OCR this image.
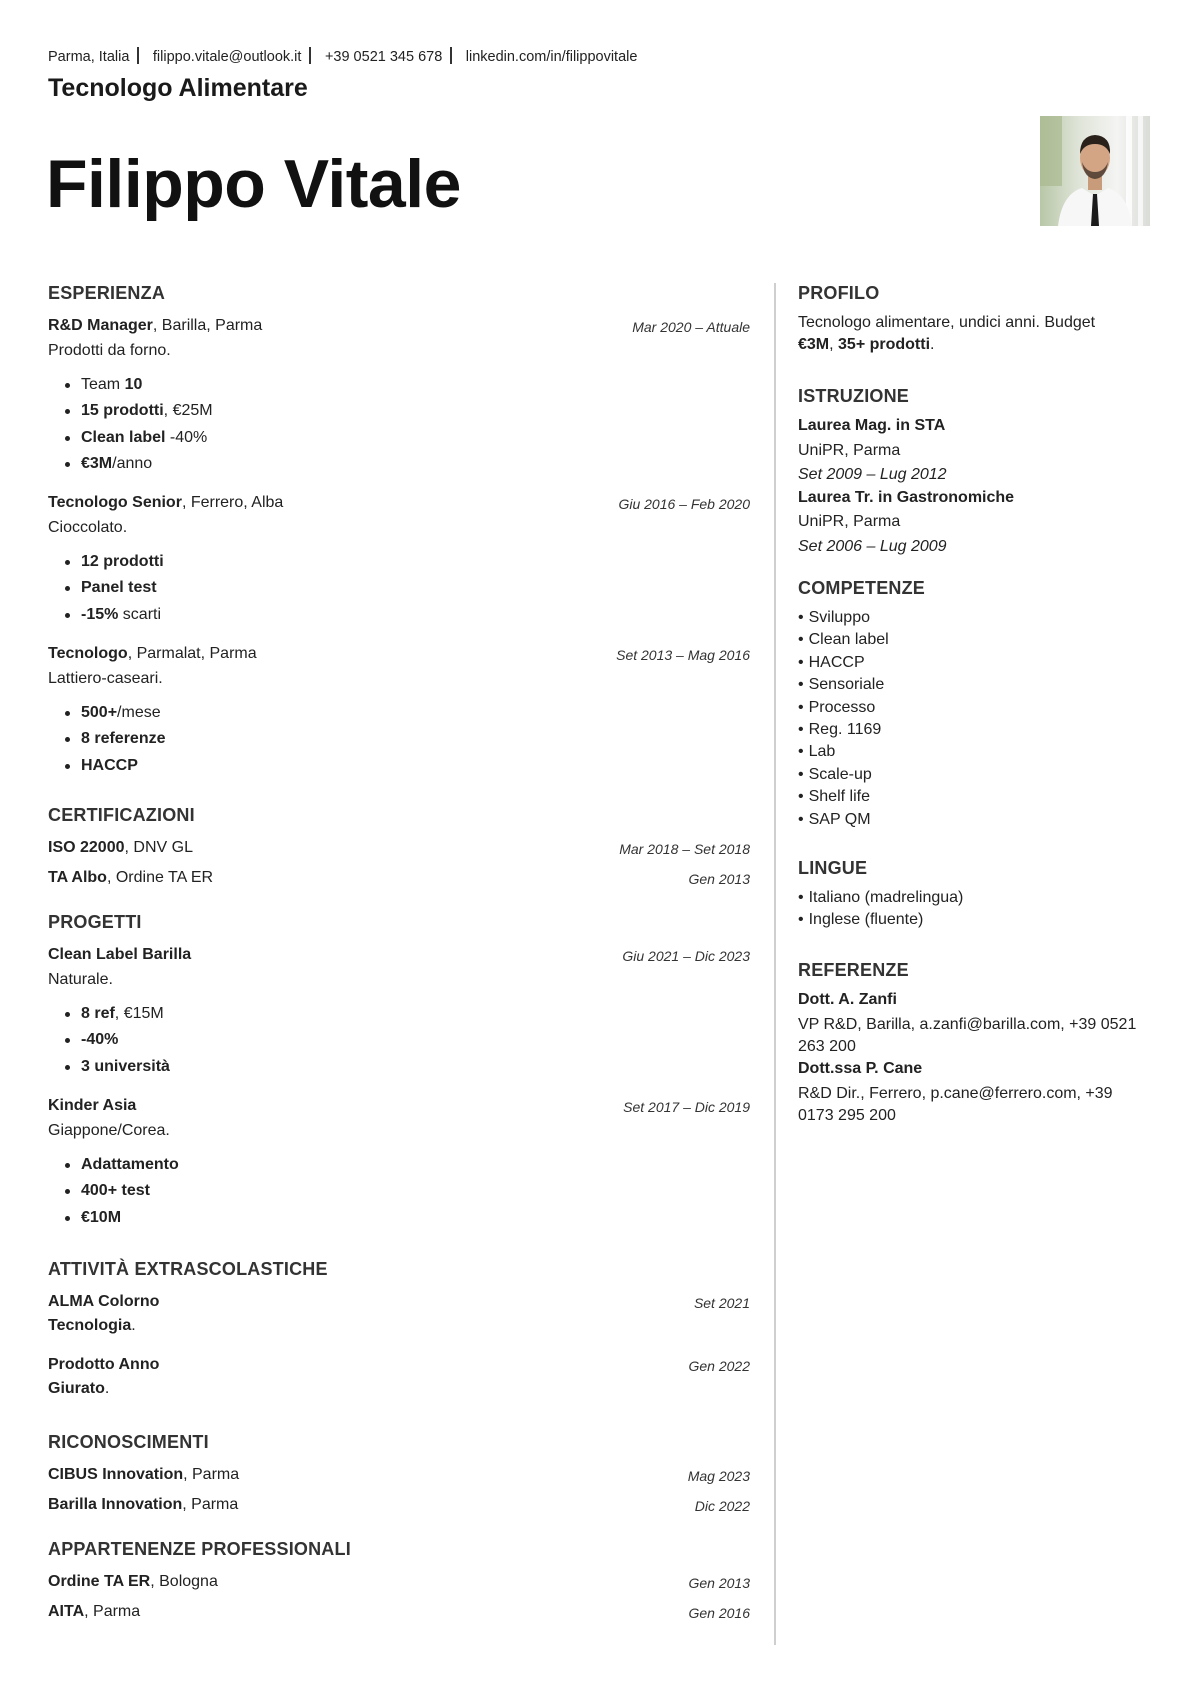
Parma, Italia filippo.vitale@outlook.it +39 0521 345 678 linkedin.com/in/filippovitale
Tecnologo Alimentare
Filippo Vitale
ESPERIENZA
R&D Manager, Barilla, Parma	Mar 2020 – Attuale
Prodotti da forno.
Team 10
15 prodotti, €25M
Clean label -40%
€3M/anno
Tecnologo Senior, Ferrero, Alba	Giu 2016 – Feb 2020
Cioccolato.
12 prodotti
Panel test
-15% scarti
Tecnologo, Parmalat, Parma	Set 2013 – Mag 2016
Lattiero-caseari.
500+/mese
8 referenze
HACCP
CERTIFICAZIONI
ISO 22000, DNV GL	Mar 2018 – Set 2018
TA Albo, Ordine TA ER	Gen 2013
PROGETTI
Clean Label Barilla	Giu 2021 – Dic 2023
Naturale.
8 ref, €15M
-40%
3 università
Kinder Asia	Set 2017 – Dic 2019
Giappone/Corea.
Adattamento
400+ test
€10M
ATTIVITÀ EXTRASCOLASTICHE
ALMA Colorno	Set 2021
Tecnologia.
Prodotto Anno	Gen 2022
Giurato.
RICONOSCIMENTI
CIBUS Innovation, Parma	Mag 2023
Barilla Innovation, Parma	Dic 2022
APPARTENENZE PROFESSIONALI
Ordine TA ER, Bologna	Gen 2013
AITA, Parma	Gen 2016
PROFILO
Tecnologo alimentare, undici anni. Budget
€3M, 35+ prodotti.
ISTRUZIONE
Laurea Mag. in STA
UniPR, Parma
Set 2009 – Lug 2012
Laurea Tr. in Gastronomiche
UniPR, Parma
Set 2006 – Lug 2009
COMPETENZE
• Sviluppo
• Clean label
• HACCP
• Sensoriale
• Processo
• Reg. 1169
• Lab
• Scale-up
• Shelf life
• SAP QM
LINGUE
• Italiano (madrelingua)
• Inglese (fluente)
REFERENZE
Dott. A. Zanfi
VP R&D, Barilla, a.zanfi@barilla.com, +39 0521
263 200
Dott.ssa P. Cane
R&D Dir., Ferrero, p.cane@ferrero.com, +39
0173 295 200
